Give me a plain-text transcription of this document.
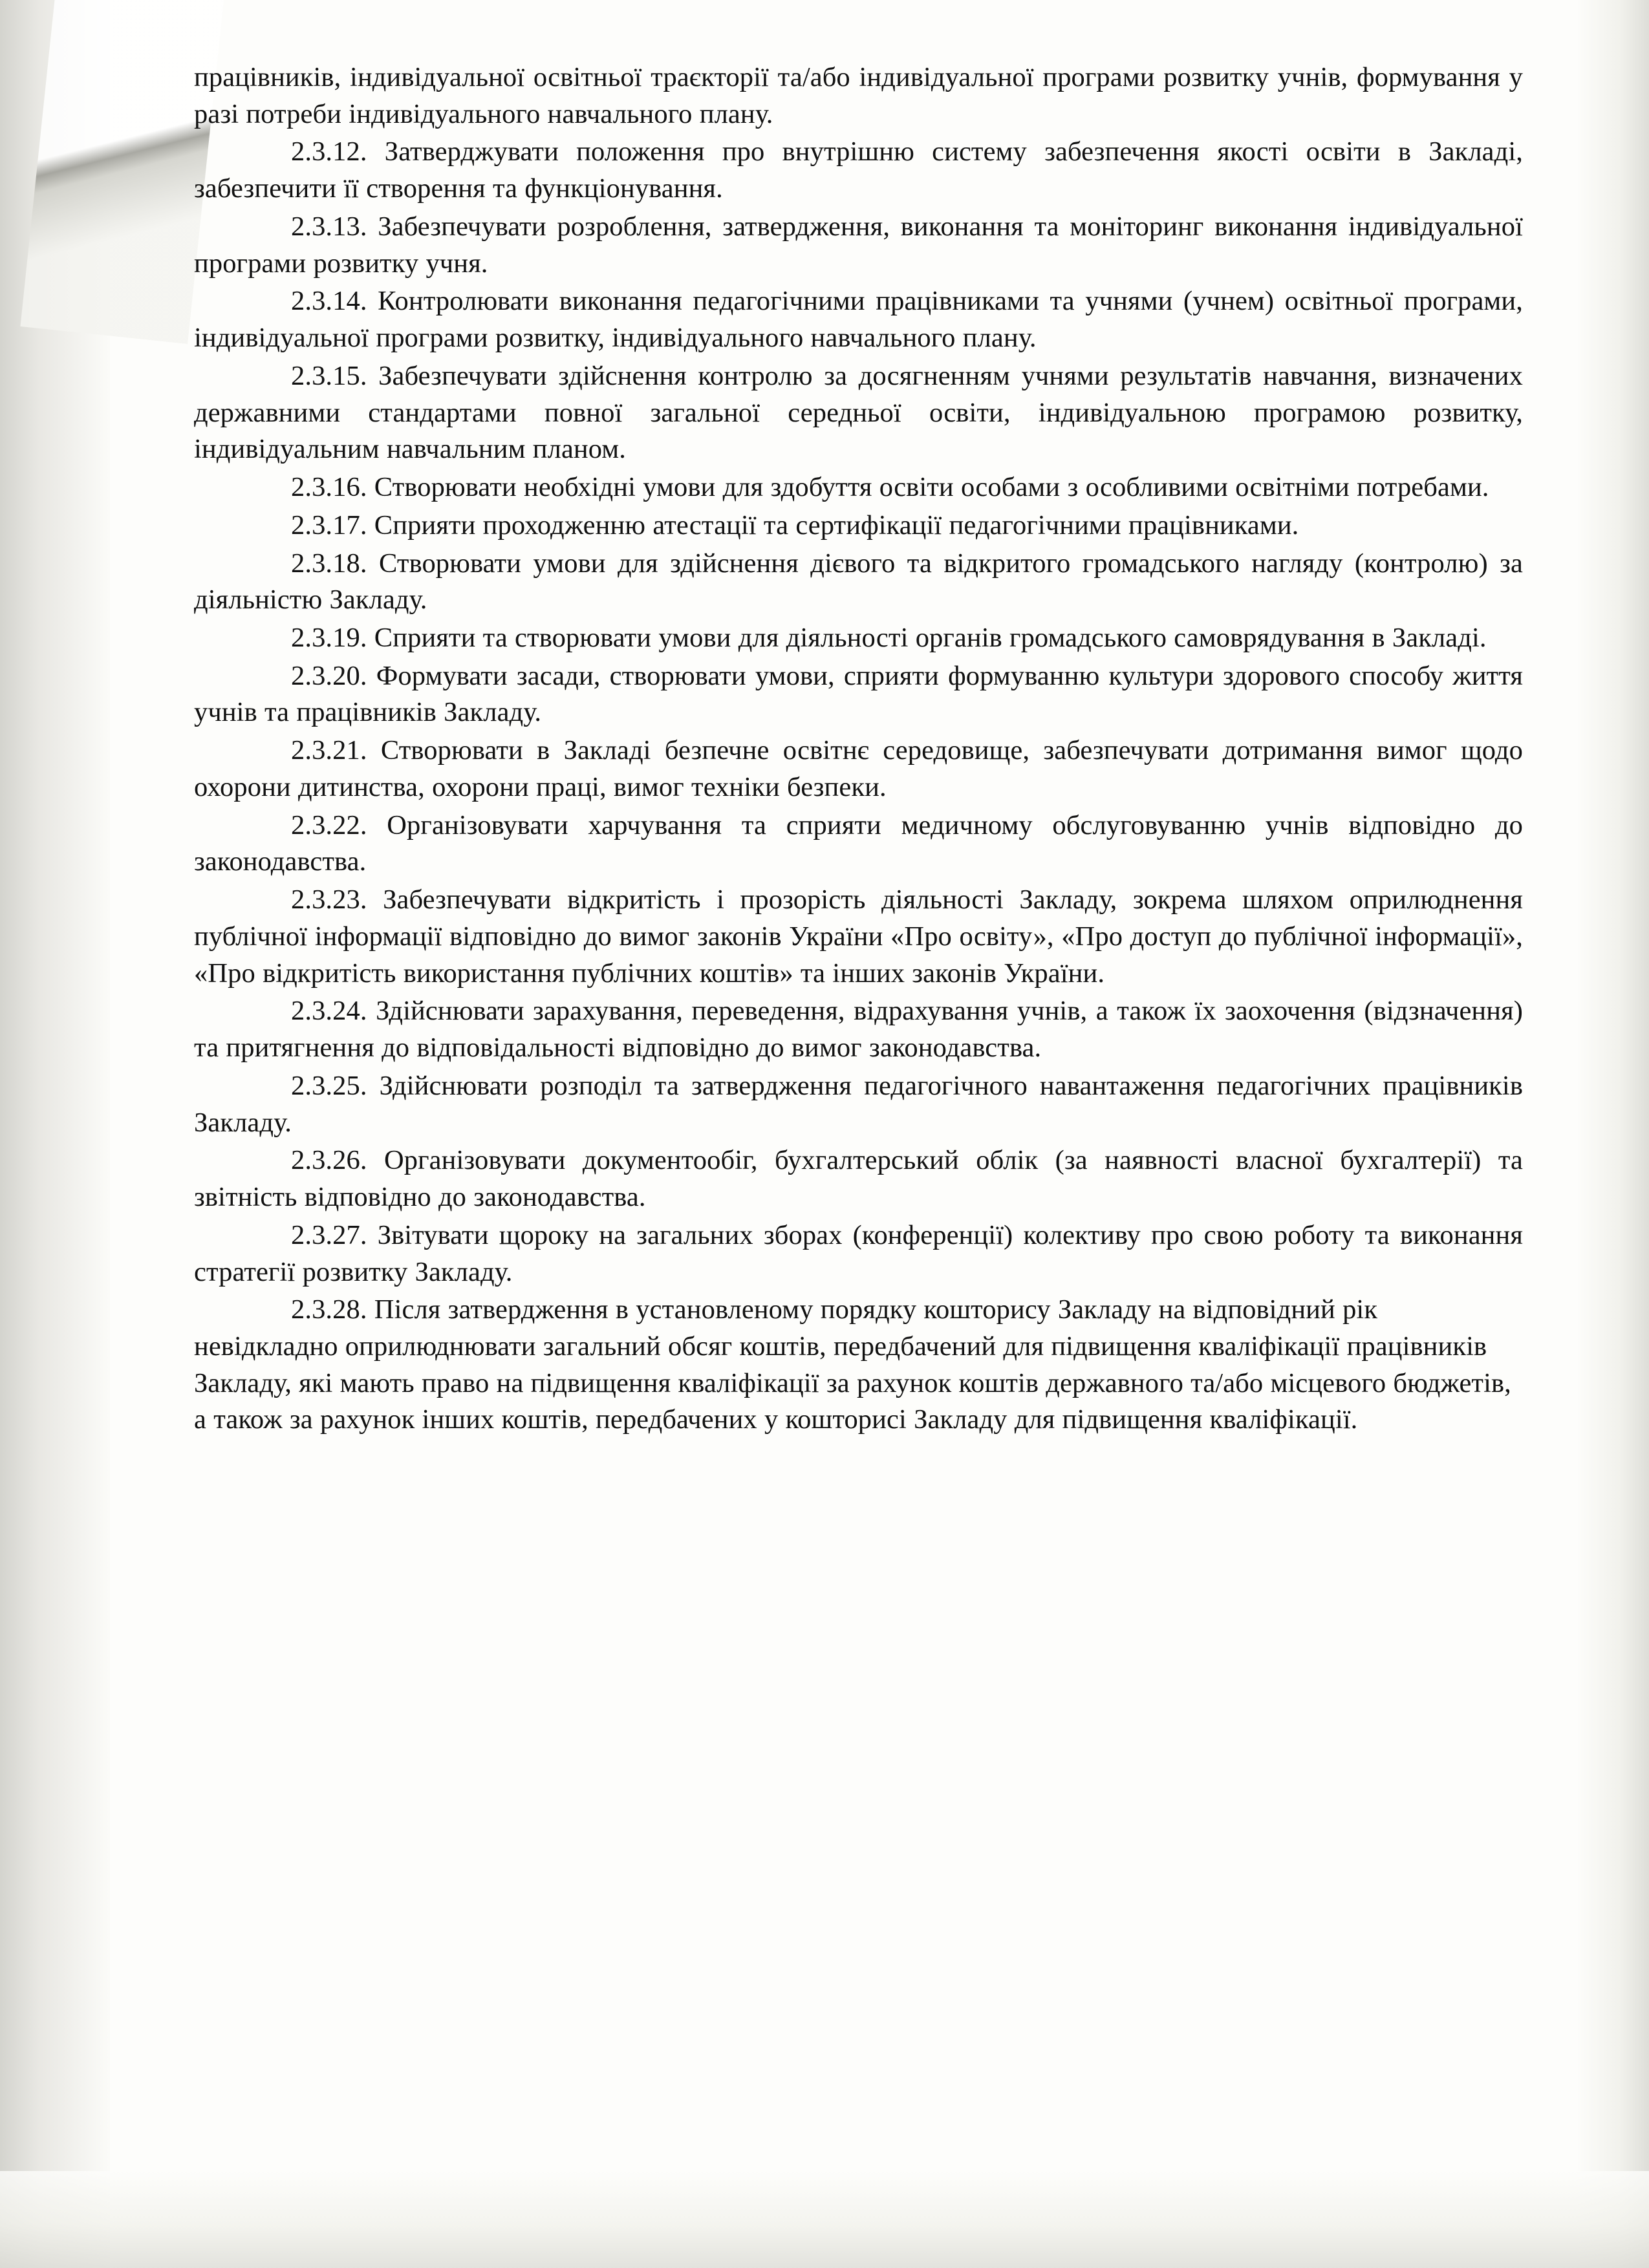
працівників, індивідуальної освітньої траєкторії та/або індивідуальної програми розвитку учнів, формування у разі потреби індивідуального навчального плану.

2.3.12. Затверджувати положення про внутрішню систему забезпечення якості освіти в Закладі, забезпечити її створення та функціонування.

2.3.13. Забезпечувати розроблення, затвердження, виконання та моніторинг виконання індивідуальної програми розвитку учня.

2.3.14. Контролювати виконання педагогічними працівниками та учнями (учнем) освітньої програми, індивідуальної програми розвитку, індивідуального навчального плану.

2.3.15. Забезпечувати здійснення контролю за досягненням учнями результатів навчання, визначених державними стандартами повної загальної середньої освіти, індивідуальною програмою розвитку, індивідуальним навчальним планом.

2.3.16. Створювати необхідні умови для здобуття освіти особами з особливими освітніми потребами.

2.3.17. Сприяти проходженню атестації та сертифікації педагогічними працівниками.

2.3.18. Створювати умови для здійснення дієвого та відкритого громадського нагляду (контролю) за діяльністю Закладу.

2.3.19. Сприяти та створювати умови для діяльності органів громадського самоврядування в Закладі.

2.3.20. Формувати засади, створювати умови, сприяти формуванню культури здорового способу життя учнів та працівників Закладу.

2.3.21. Створювати в Закладі безпечне освітнє середовище, забезпечувати дотримання вимог щодо охорони дитинства, охорони праці, вимог техніки безпеки.

2.3.22. Організовувати харчування та сприяти медичному обслуговуванню учнів відповідно до законодавства.

2.3.23. Забезпечувати відкритість і прозорість діяльності Закладу, зокрема шляхом оприлюднення публічної інформації відповідно до вимог законів України «Про освіту», «Про доступ до публічної інформації», «Про відкритість використання публічних коштів» та інших законів України.

2.3.24. Здійснювати зарахування, переведення, відрахування учнів, а також їх заохочення (відзначення) та притягнення до відповідальності відповідно до вимог законодавства.

2.3.25. Здійснювати розподіл та затвердження педагогічного навантаження педагогічних працівників Закладу.

2.3.26. Організовувати документообіг, бухгалтерський облік (за наявності власної бухгалтерії) та звітність відповідно до законодавства.

2.3.27. Звітувати щороку на загальних зборах (конференції) колективу про свою роботу та виконання стратегії розвитку Закладу.

2.3.28. Після затвердження в установленому порядку кошторису Закладу на відповідний рік невідкладно оприлюднювати загальний обсяг коштів, передбачений для підвищення кваліфікації працівників Закладу, які мають право на підвищення кваліфікації за рахунок коштів державного та/або місцевого бюджетів, а також за рахунок інших коштів, передбачених у кошторисі Закладу для підвищення кваліфікації.
